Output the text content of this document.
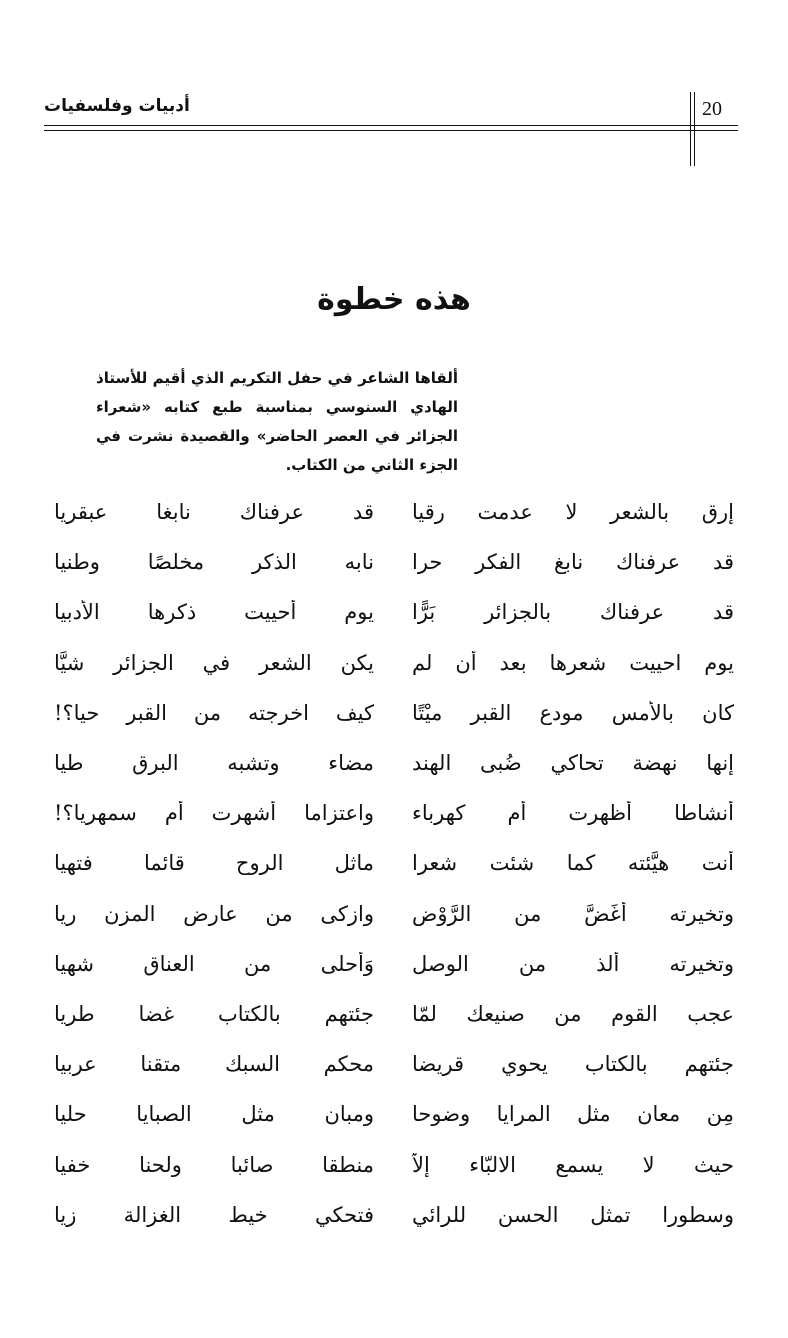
20
أدبيات وفلسفيات
هذه خطوة

ألقاها الشاعر في حفل التكريم الذي أقيم للأستاذ الهادي السنوسي بمناسبة طبع كتابه «شعراء الجزائر في العصر الحاضر» والقصيدة نشرت في الجزء الثاني من الكتاب.

إرق بالشعر لا عدمت رقيا
قد عرفناك نابغا عبقريا
قد عرفناك نابغ الفكر حرا
نابه الذكر مخلصًا وطنيا
قد عرفناك بالجزائر بَرًّا
يوم أحييت ذكرها الأدبيا
يوم احييت شعرها بعد أن لم
يكن الشعر في الجزائر شيًّا
كان بالأمس مودع القبر ميْتًا
كيف اخرجته من القبر حيا؟!
إنها نهضة تحاكي ضُبى الهند
مضاء وتشبه البرق طيا
أنشاطا أظهرت أم كهرباء
واعتزاما أشهرت أم سمهريا؟!
أنت هيَّئته كما شئت شعرا
ماثل الروح قائما فتهيا
وتخيرته أَغَضَّ من الرَّوْض
وازكى من عارض المزن ريا
وتخيرته ألذ من الوصل
وَأحلى من العناق شهيا
عجب القوم من صنيعك لمّا
جئتهم بالكتاب غضا طريا
جئتهم بالكتاب يحوي قريضا
محكم السبك متقنا عربيا
مِن معان مثل المرايا وضوحا
ومبان مثل الصبايا حليا
حيث لا يسمع الالبّاء إلاّ
منطقا صائبا ولحنا خفيا
وسطورا تمثل الحسن للرائي
فتحكي خيط الغزالة زيا
